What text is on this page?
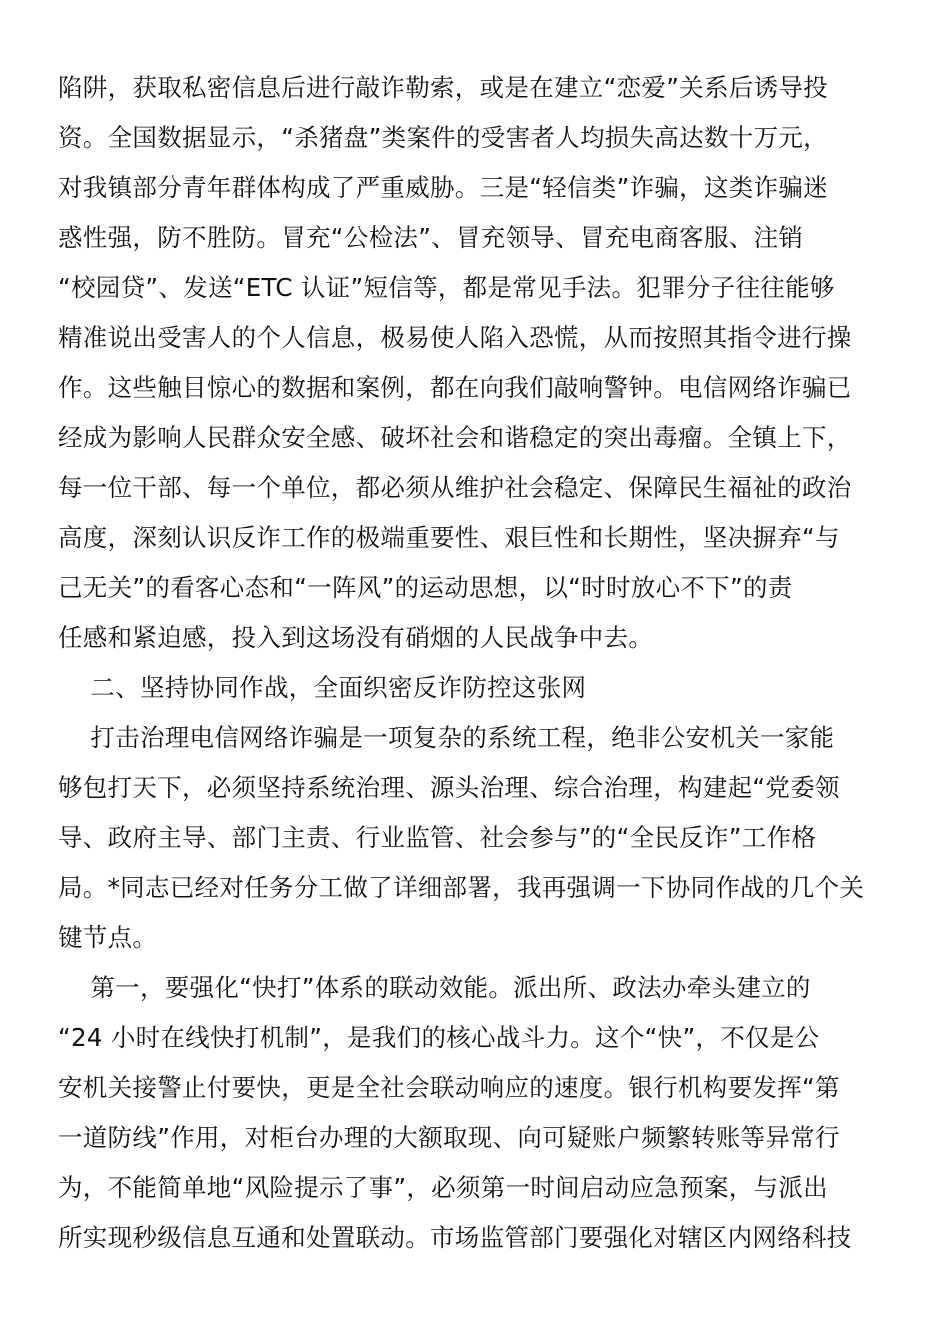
陷阱，获取私密信息后进行敲诈勒索，或是在建立“恋爱”关系后诱导投
资。全国数据显示，“杀猪盘”类案件的受害者人均损失高达数十万元，
对我镇部分青年群体构成了严重威胁。三是“轻信类”诈骗，这类诈骗迷
惑性强，防不胜防。冒充“公检法”、冒充领导、冒充电商客服、注销
“校园贷”、发送“ETC 认证”短信等，都是常见手法。犯罪分子往往能够
精准说出受害人的个人信息，极易使人陷入恐慌，从而按照其指令进行操
作。这些触目惊心的数据和案例，都在向我们敲响警钟。电信网络诈骗已
经成为影响人民群众安全感、破坏社会和谐稳定的突出毒瘤。全镇上下，
每一位干部、每一个单位，都必须从维护社会稳定、保障民生福祉的政治
高度，深刻认识反诈工作的极端重要性、艰巨性和长期性，坚决摒弃“与
己无关”的看客心态和“一阵风”的运动思想，以“时时放心不下”的责
任感和紧迫感，投入到这场没有硝烟的人民战争中去。
二、坚持协同作战，全面织密反诈防控这张网
打击治理电信网络诈骗是一项复杂的系统工程，绝非公安机关一家能
够包打天下，必须坚持系统治理、源头治理、综合治理，构建起“党委领
导、政府主导、部门主责、行业监管、社会参与”的“全民反诈”工作格
局。*同志已经对任务分工做了详细部署，我再强调一下协同作战的几个关
键节点。
第一，要强化“快打”体系的联动效能。派出所、政法办牵头建立的
“24 小时在线快打机制”，是我们的核心战斗力。这个“快”，不仅是公
安机关接警止付要快，更是全社会联动响应的速度。银行机构要发挥“第
一道防线”作用，对柜台办理的大额取现、向可疑账户频繁转账等异常行
为，不能简单地“风险提示了事”，必须第一时间启动应急预案，与派出
所实现秒级信息互通和处置联动。市场监管部门要强化对辖区内网络科技
